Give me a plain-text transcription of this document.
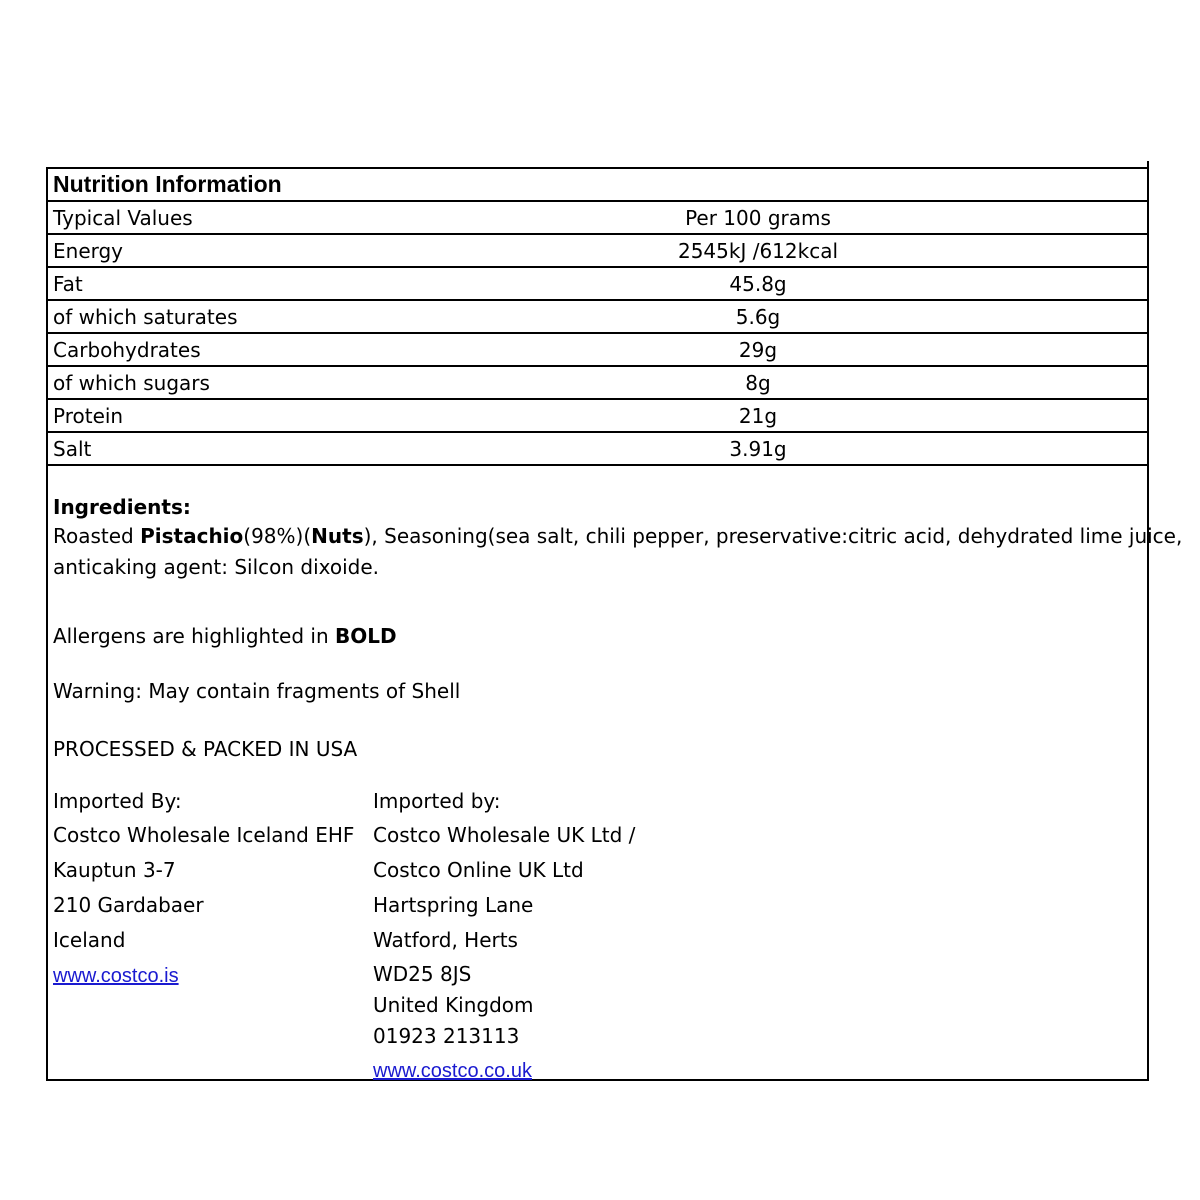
Nutrition Information
Typical Values	Per 100 grams
Energy	2545kJ /612kcal
Fat	45.8g
of which saturates	5.6g
Carbohydrates	29g
of which sugars	8g
Protein	21g
Salt	3.91g
Ingredients:
Roasted Pistachio(98%)(Nuts), Seasoning(sea salt, chili pepper, preservative:citric acid, dehydrated lime juice,
anticaking agent: Silcon dixoide.
Allergens are highlighted in BOLD
Warning: May contain fragments of Shell
PROCESSED & PACKED IN USA
Imported By:
Costco Wholesale Iceland EHF
Kauptun 3-7
210 Gardabaer
Iceland
www.costco.is
Imported by:
Costco Wholesale UK Ltd /
Costco Online UK Ltd
Hartspring Lane
Watford, Herts
WD25 8JS
United Kingdom
01923 213113
www.costco.co.uk
